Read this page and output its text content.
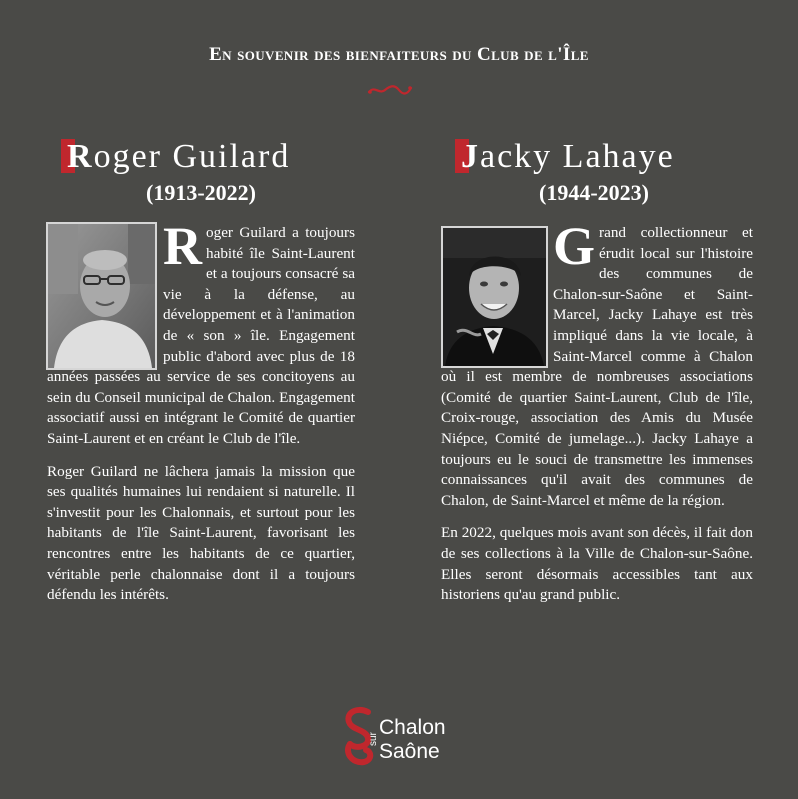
En souvenir des bienfaiteurs du Club de l'Île
Roger Guilard
(1913-2022)

Roger Guilard a toujours habité île Saint-Laurent et a toujours consacré sa vie à la défense, au développement et à l'animation de « son » île. Engagement public d'abord avec plus de 18 années passées au service de ses concitoyens au sein du Conseil municipal de Chalon. Engagement associatif aussi en intégrant le Comité de quartier Saint-Laurent et en créant le Club de l'île.

Roger Guilard ne lâchera jamais la mission que ses qualités humaines lui rendaient si naturelle. Il s'investit pour les Chalonnais, et surtout pour les habitants de l'île Saint-Laurent, favorisant les rencontres entre les habitants de ce quartier, véritable perle chalonnaise dont il a toujours défendu les intérêts.

Jacky Lahaye
(1944-2023)

Grand collectionneur et érudit local sur l'histoire des communes de Chalon-sur-Saône et Saint-Marcel, Jacky Lahaye est très impliqué dans la vie locale, à Saint-Marcel comme à Chalon où il est membre de nombreuses associations (Comité de quartier Saint-Laurent, Club de l'île, Croix-rouge, association des Amis du Musée Niépce, Comité de jumelage...). Jacky Lahaye a toujours eu le souci de transmettre les immenses connaissances qu'il avait des communes de Chalon, de Saint-Marcel et même de la région.

En 2022, quelques mois avant son décès, il fait don de ses collections à la Ville de Chalon-sur-Saône. Elles seront désormais accessibles tant aux historiens qu'au grand public.

Chalon
sur
Saône
